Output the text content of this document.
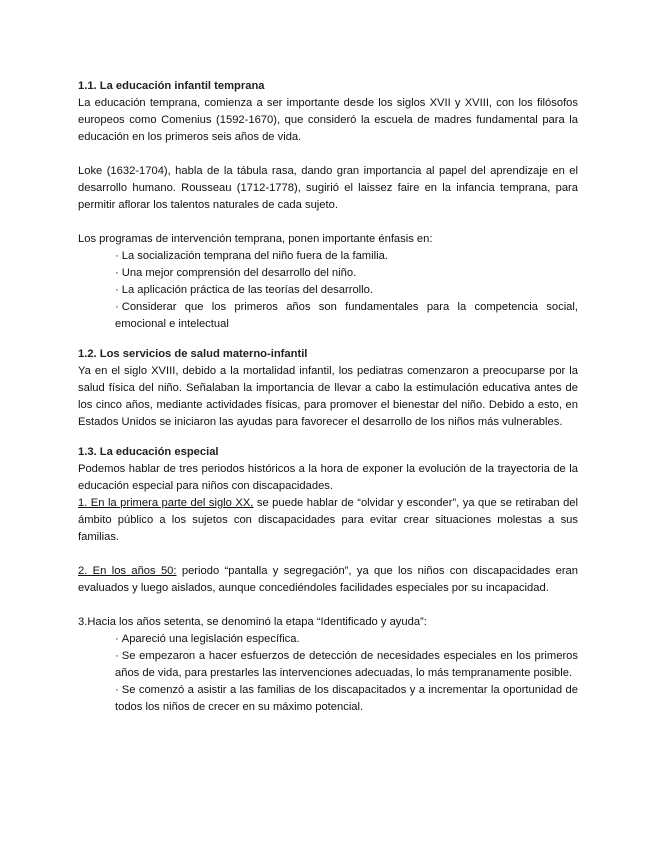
1.1. La educación infantil temprana

La educación temprana, comienza a ser importante desde los siglos XVII y XVIII, con los filósofos europeos como Comenius (1592-1670), que consideró la escuela de madres fundamental para la educación en los primeros seis años de vida.

Loke (1632-1704), habla de la tábula rasa, dando gran importancia al papel del aprendizaje en el desarrollo humano. Rousseau (1712-1778), sugirió el laissez faire en la infancia temprana, para permitir aflorar los talentos naturales de cada sujeto.

Los programas de intervención temprana, ponen importante énfasis en:

· La socialización temprana del niño fuera de la familia.
· Una mejor comprensión del desarrollo del niño.
· La aplicación práctica de las teorías del desarrollo.
· Considerar que los primeros años son fundamentales para la competencia social, emocional e intelectual
1.2. Los servicios de salud materno-infantil

Ya en el siglo XVIII, debido a la mortalidad infantil, los pediatras comenzaron a preocuparse por la salud física del niño. Señalaban la importancia de llevar a cabo la estimulación educativa antes de los cinco años, mediante actividades físicas, para promover el bienestar del niño. Debido a esto, en Estados Unidos se iniciaron las ayudas para favorecer el desarrollo de los niños más vulnerables.

1.3. La educación especial

Podemos hablar de tres periodos históricos a la hora de exponer la evolución de la trayectoria de la educación especial para niños con discapacidades.

1. En la primera parte del siglo XX, se puede hablar de “olvidar y esconder”, ya que se retiraban del ámbito público a los sujetos con discapacidades para evitar crear situaciones molestas a sus familias.

2. En los años 50: periodo “pantalla y segregación”, ya que los niños con discapacidades eran evaluados y luego aislados, aunque concediéndoles facilidades especiales por su incapacidad.

3.Hacia los años setenta, se denominó la etapa “Identificado y ayuda”:

· Apareció una legislación específica.
· Se empezaron a hacer esfuerzos de detección de necesidades especiales en los primeros años de vida, para prestarles las intervenciones adecuadas, lo más tempranamente posible.
· Se comenzó a asistir a las familias de los discapacitados y a incrementar la oportunidad de todos los niños de crecer en su máximo potencial.
